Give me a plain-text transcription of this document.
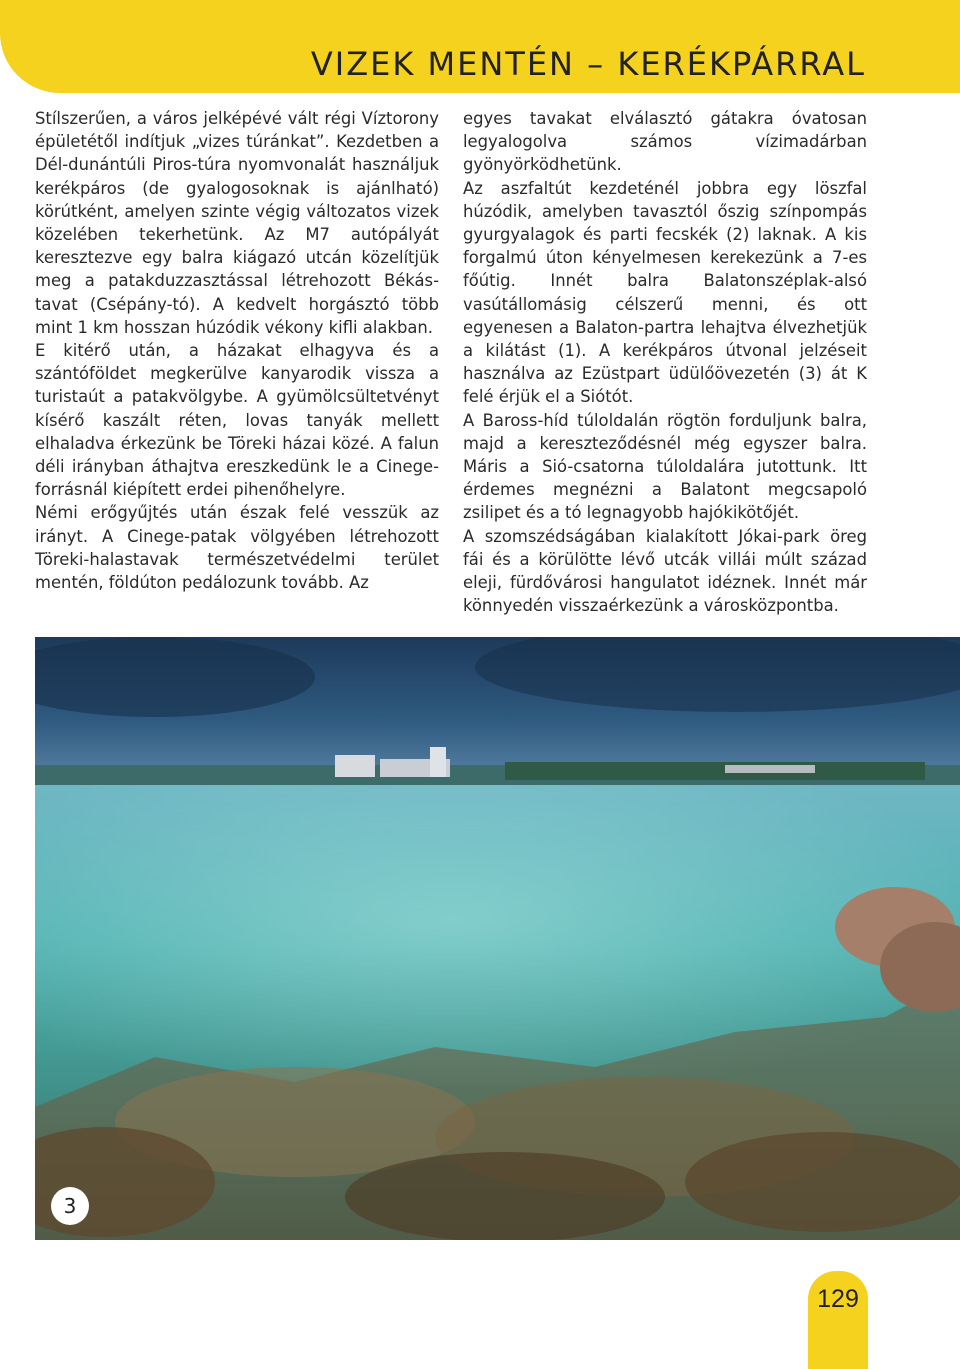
VIZEK MENTÉN – KERÉKPÁRRAL

Stílszerűen, a város jelképévé vált régi Víztorony épületétől indítjuk „vizes túránkat”. Kezdetben a Dél-dunántúli Piros-túra nyomvonalát használjuk kerékpáros (de gyalogosoknak is ajánlható) körútként, amelyen szinte végig változatos vizek közelében tekerhetünk. Az M7 autópályát keresztezve egy balra kiágazó utcán közelítjük meg a patakduzzasztással létrehozott Békás-tavat (Csépány-tó). A kedvelt horgásztó több mint 1 km hosszan húzódik vékony kifli alakban.

E kitérő után, a házakat elhagyva és a szántóföldet megkerülve kanyarodik vissza a turistaút a patakvölgybe. A gyümölcsültetvényt kísérő kaszált réten, lovas tanyák mellett elhaladva érkezünk be Töreki házai közé. A falun déli irányban áthajtva ereszkedünk le a Cinege-forrásnál kiépített erdei pihenőhelyre.

Némi erőgyűjtés után észak felé vesszük az irányt. A Cinege-patak völgyében létrehozott Töreki-halastavak természetvédelmi terület mentén, földúton pedálozunk tovább. Az

egyes tavakat elválasztó gátakra óvatosan legyalogolva számos vízimadárban gyönyörködhetünk.

Az aszfaltút kezdeténél jobbra egy löszfal húzódik, amelyben tavasztól őszig színpompás gyurgyalagok és parti fecskék (2) laknak. A kis forgalmú úton kényelmesen kerekezünk a 7-es főútig. Innét balra Balatonszéplak-alsó vasútállomásig célszerű menni, és ott egyenesen a Balaton-partra lehajtva élvezhetjük a kilátást (1). A kerékpáros útvonal jelzéseit használva az Ezüstpart üdülőövezetén (3) át K felé érjük el a Siótót.

A Baross-híd túloldalán rögtön forduljunk balra, majd a kereszteződésnél még egyszer balra. Máris a Sió-csatorna túloldalára jutottunk. Itt érdemes megnézni a Balatont megcsapoló zsilipet és a tó legnagyobb hajókikötőjét.

A szomszédságában kialakított Jókai-park öreg fái és a körülötte lévő utcák villái múlt század eleji, fürdővárosi hangulatot idéznek. Innét már könnyedén visszaérkezünk a városközpontba.

3
129
